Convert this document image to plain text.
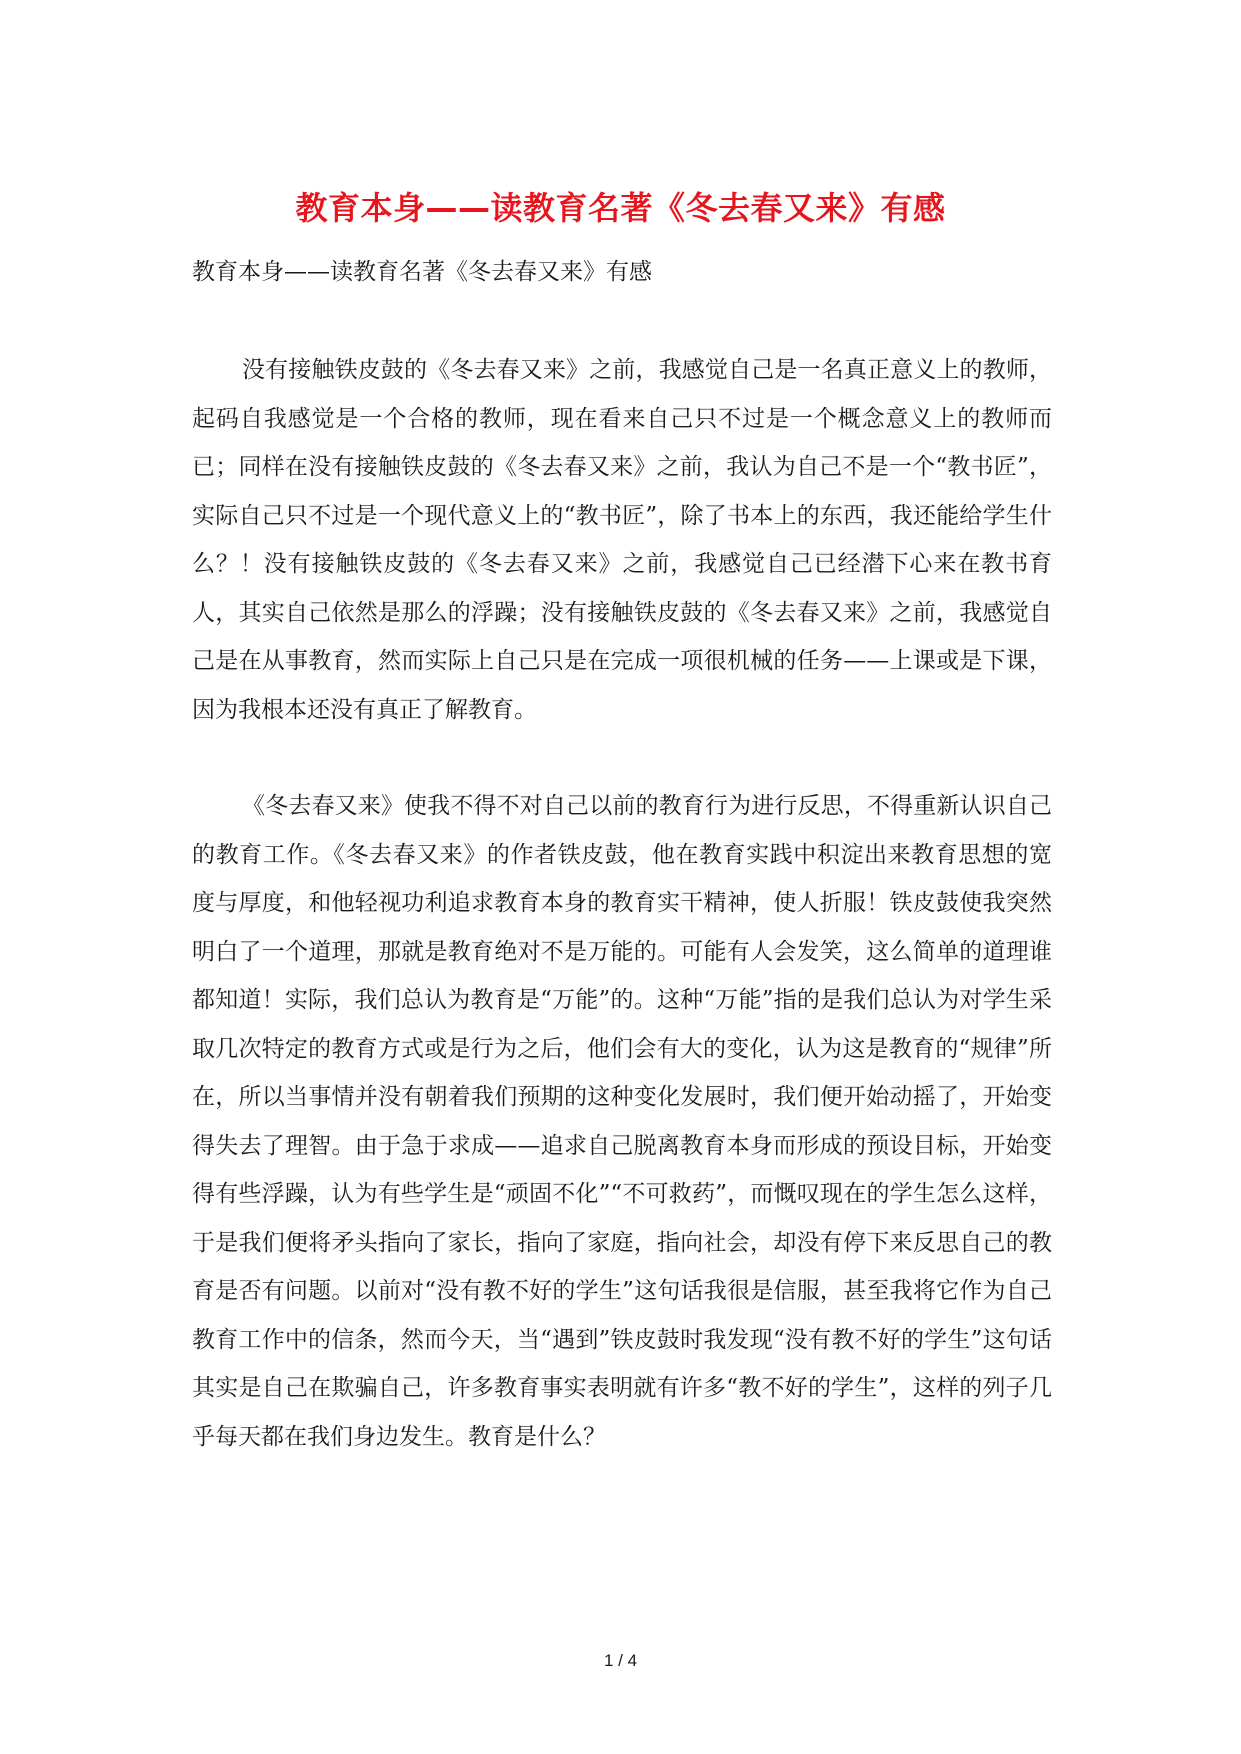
教育本身——读教育名著《冬去春又来》有感
教育本身——读教育名著《冬去春又来》有感

没有接触铁皮鼓的《冬去春又来》之前，我感觉自己是一名真正意义上的教师，起码自我感觉是一个合格的教师，现在看来自己只不过是一个概念意义上的教师而已；同样在没有接触铁皮鼓的《冬去春又来》之前，我认为自己不是一个“教书匠”，实际自己只不过是一个现代意义上的“教书匠”，除了书本上的东西，我还能给学生什么？！没有接触铁皮鼓的《冬去春又来》之前，我感觉自己已经潜下心来在教书育人，其实自己依然是那么的浮躁；没有接触铁皮鼓的《冬去春又来》之前，我感觉自己是在从事教育，然而实际上自己只是在完成一项很机械的任务——上课或是下课，因为我根本还没有真正了解教育。

《冬去春又来》使我不得不对自己以前的教育行为进行反思，不得重新认识自己的教育工作。《冬去春又来》的作者铁皮鼓，他在教育实践中积淀出来教育思想的宽度与厚度，和他轻视功利追求教育本身的教育实干精神，使人折服！铁皮鼓使我突然明白了一个道理，那就是教育绝对不是万能的。可能有人会发笑，这么简单的道理谁都知道！实际，我们总认为教育是“万能”的。这种“万能”指的是我们总认为对学生采取几次特定的教育方式或是行为之后，他们会有大的变化，认为这是教育的“规律”所在，所以当事情并没有朝着我们预期的这种变化发展时，我们便开始动摇了，开始变得失去了理智。由于急于求成——追求自己脱离教育本身而形成的预设目标，开始变得有些浮躁，认为有些学生是“顽固不化”“不可救药”，而慨叹现在的学生怎么这样，于是我们便将矛头指向了家长，指向了家庭，指向社会，却没有停下来反思自己的教育是否有问题。以前对“没有教不好的学生”这句话我很是信服，甚至我将它作为自己教育工作中的信条，然而今天，当“遇到”铁皮鼓时我发现“没有教不好的学生”这句话其实是自己在欺骗自己，许多教育事实表明就有许多“教不好的学生”，这样的列子几乎每天都在我们身边发生。教育是什么？

1 / 4
